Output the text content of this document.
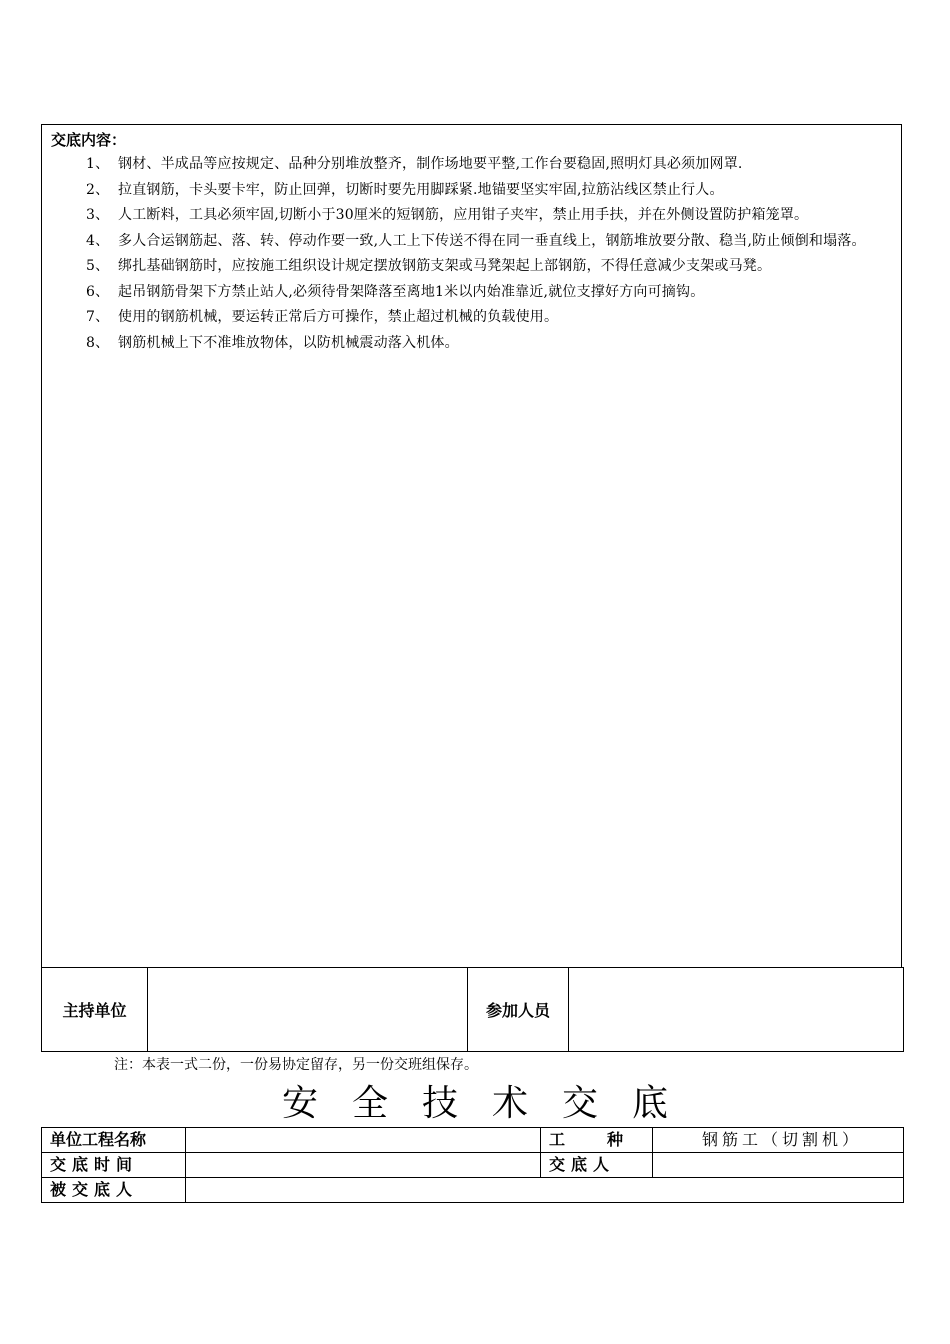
交底内容：
1、 钢材、半成品等应按规定、品种分别堆放整齐，制作场地要平整,工作台要稳固,照明灯具必须加网罩.
2、 拉直钢筋，卡头要卡牢，防止回弹，切断时要先用脚踩紧.地锚要坚实牢固,拉筋沾线区禁止行人。
3、 人工断料，工具必须牢固,切断小于30厘米的短钢筋，应用钳子夹牢，禁止用手扶，并在外侧设置防护箱笼罩。
4、 多人合运钢筋起、落、转、停动作要一致,人工上下传送不得在同一垂直线上，钢筋堆放要分散、稳当,防止倾倒和塌落。
5、 绑扎基础钢筋时，应按施工组织设计规定摆放钢筋支架或马凳架起上部钢筋，不得任意减少支架或马凳。
6、 起吊钢筋骨架下方禁止站人,必须待骨架降落至离地1米以内始准靠近,就位支撑好方向可摘钩。
7、 使用的钢筋机械，要运转正常后方可操作，禁止超过机械的负载使用。
8、 钢筋机械上下不准堆放物体，以防机械震动落入机体。
主持单位		参加人员	
注：本表一式二份，一份易协定留存，另一份交班组保存。
安全技术交底
单位工程名称		工种	钢筋工（切割机）
交底时间		交底人	
被交底人			
